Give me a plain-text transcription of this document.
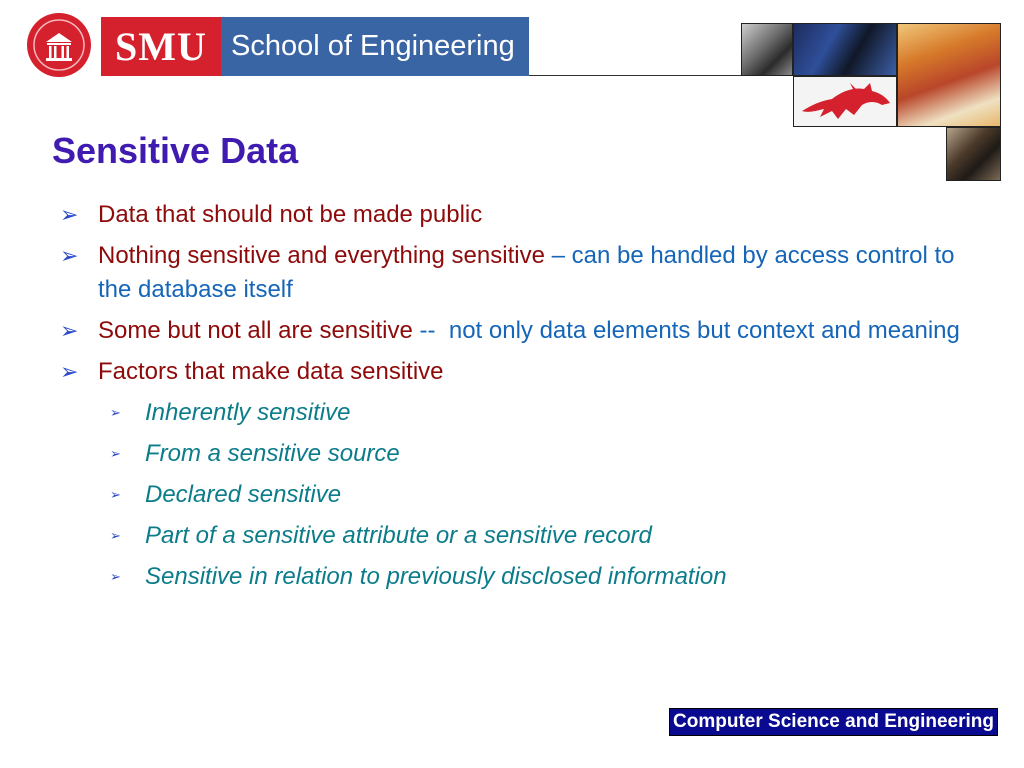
SMU School of Engineering
Sensitive Data
➢ Data that should not be made public
➢ Nothing sensitive and everything sensitive – can be handled by access control to the database itself
➢ Some but not all are sensitive --  not only data elements but context and meaning
➢ Factors that make data sensitive
➢ Inherently sensitive
➢ From a sensitive source
➢ Declared sensitive
➢ Part of a sensitive attribute or a sensitive record
➢ Sensitive in relation to previously disclosed information
Computer Science and Engineering
